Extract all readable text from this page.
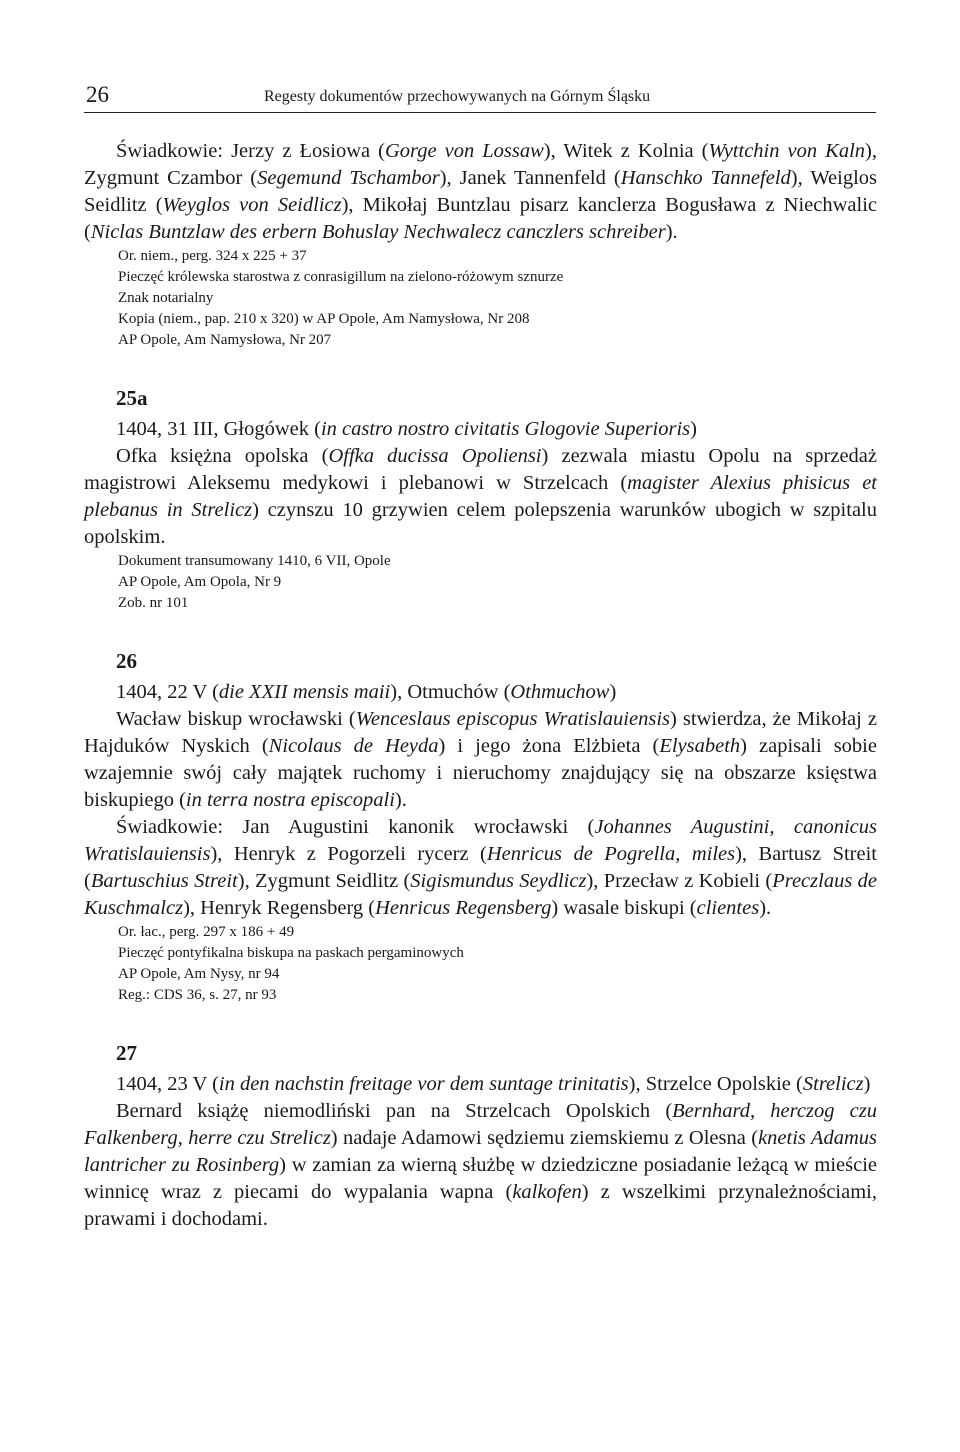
26	Regesty dokumentów przechowywanych na Górnym Śląsku

Świadkowie: Jerzy z Łosiowa (Gorge von Lossaw), Witek z Kolnia (Wyttchin von Kaln), Zygmunt Czambor (Segemund Tschambor), Janek Tannenfeld (Hanschko Tannefeld), Weiglos Seidlitz (Weyglos von Seidlicz), Mikołaj Buntzlau pisarz kanclerza Bogusława z Niechwalic (Niclas Buntzlaw des erbern Bohuslay Nechwalecz canczlers schreiber).

Or. niem., perg. 324 x 225 + 37
Pieczęć królewska starostwa z conrasigillum na zielono-różowym sznurze
Znak notarialny
Kopia (niem., pap. 210 x 320) w AP Opole, Am Namysłowa, Nr 208
AP Opole, Am Namysłowa, Nr 207
25a

1404, 31 III, Głogówek (in castro nostro civitatis Glogovie Superioris)

Ofka księżna opolska (Offka ducissa Opoliensi) zezwala miastu Opolu na sprzedaż magistrowi Aleksemu medykowi i plebanowi w Strzelcach (magister Alexius phisicus et plebanus in Strelicz) czynszu 10 grzywien celem polepszenia warunków ubogich w szpitalu opolskim.

Dokument transumowany 1410, 6 VII, Opole
AP Opole, Am Opola, Nr 9
Zob. nr 101
26

1404, 22 V (die XXII mensis maii), Otmuchów (Othmuchow)

Wacław biskup wrocławski (Wenceslaus episcopus Wratislauiensis) stwierdza, że Mikołaj z Hajduków Nyskich (Nicolaus de Heyda) i jego żona Elżbieta (Elysabeth) zapisali sobie wzajemnie swój cały majątek ruchomy i nieruchomy znajdujący się na obszarze księstwa biskupiego (in terra nostra episcopali).

Świadkowie: Jan Augustini kanonik wrocławski (Johannes Augustini, canonicus Wratislauiensis), Henryk z Pogorzeli rycerz (Henricus de Pogrella, miles), Bartusz Streit (Bartuschius Streit), Zygmunt Seidlitz (Sigismundus Seydlicz), Przecław z Kobieli (Preczlaus de Kuschmalcz), Henryk Regensberg (Henricus Regensberg) wasale biskupi (clientes).

Or. łac., perg. 297 x 186 + 49
Pieczęć pontyfikalna biskupa na paskach pergaminowych
AP Opole, Am Nysy, nr 94
Reg.: CDS 36, s. 27, nr 93
27

1404, 23 V (in den nachstin freitage vor dem suntage trinitatis), Strzelce Opolskie (Strelicz)

Bernard książę niemodliński pan na Strzelcach Opolskich (Bernhard, herczog czu Falkenberg, herre czu Strelicz) nadaje Adamowi sędziemu ziemskiemu z Olesna (knetis Adamus lantricher zu Rosinberg) w zamian za wierną służbę w dziedziczne posiadanie leżącą w mieście winnicę wraz z piecami do wypalania wapna (kalkofen) z wszelkimi przynależnościami, prawami i dochodami.
